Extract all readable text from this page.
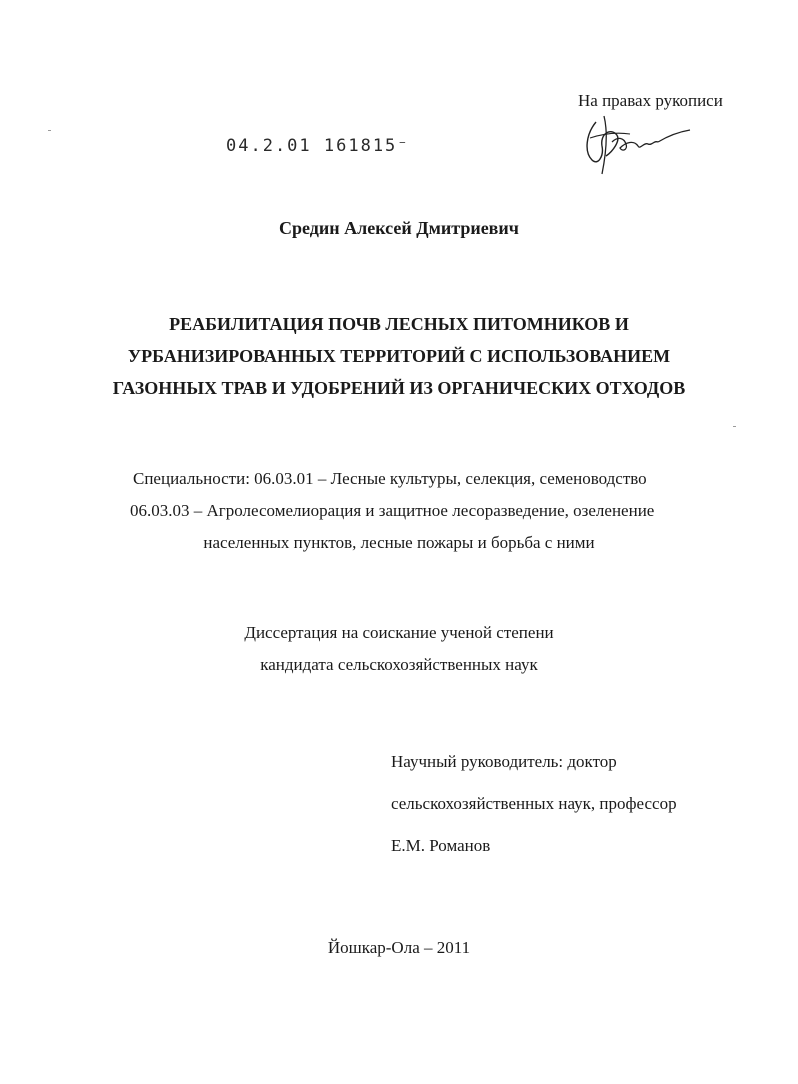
На правах рукописи
04.2.01 161815⁻
Средин Алексей Дмитриевич
РЕАБИЛИТАЦИЯ ПОЧВ ЛЕСНЫХ ПИТОМНИКОВ И
УРБАНИЗИРОВАННЫХ ТЕРРИТОРИЙ С ИСПОЛЬЗОВАНИЕМ
ГАЗОННЫХ ТРАВ И УДОБРЕНИЙ ИЗ ОРГАНИЧЕСКИХ ОТХОДОВ
Специальности: 06.03.01 – Лесные культуры, селекция, семеноводство
06.03.03 – Агролесомелиорация и защитное лесоразведение, озеленение
населенных пунктов, лесные пожары и борьба с ними
Диссертация на соискание ученой степени
кандидата сельскохозяйственных наук
Научный руководитель: доктор
сельскохозяйственных наук, профессор
Е.М. Романов
Йошкар-Ола – 2011
